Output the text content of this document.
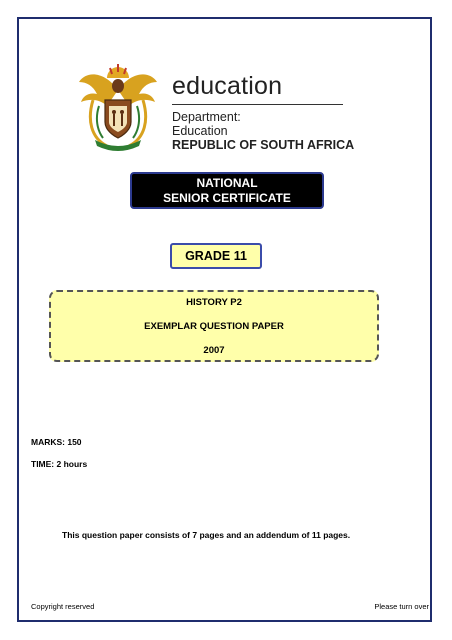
education
Department:
Education
REPUBLIC OF SOUTH AFRICA
NATIONAL
SENIOR CERTIFICATE
GRADE 11
HISTORY P2
EXEMPLAR QUESTION PAPER
2007
MARKS: 150
TIME: 2 hours
This question paper consists of 7 pages and an addendum of 11 pages.
Copyright reserved	Please turn over
